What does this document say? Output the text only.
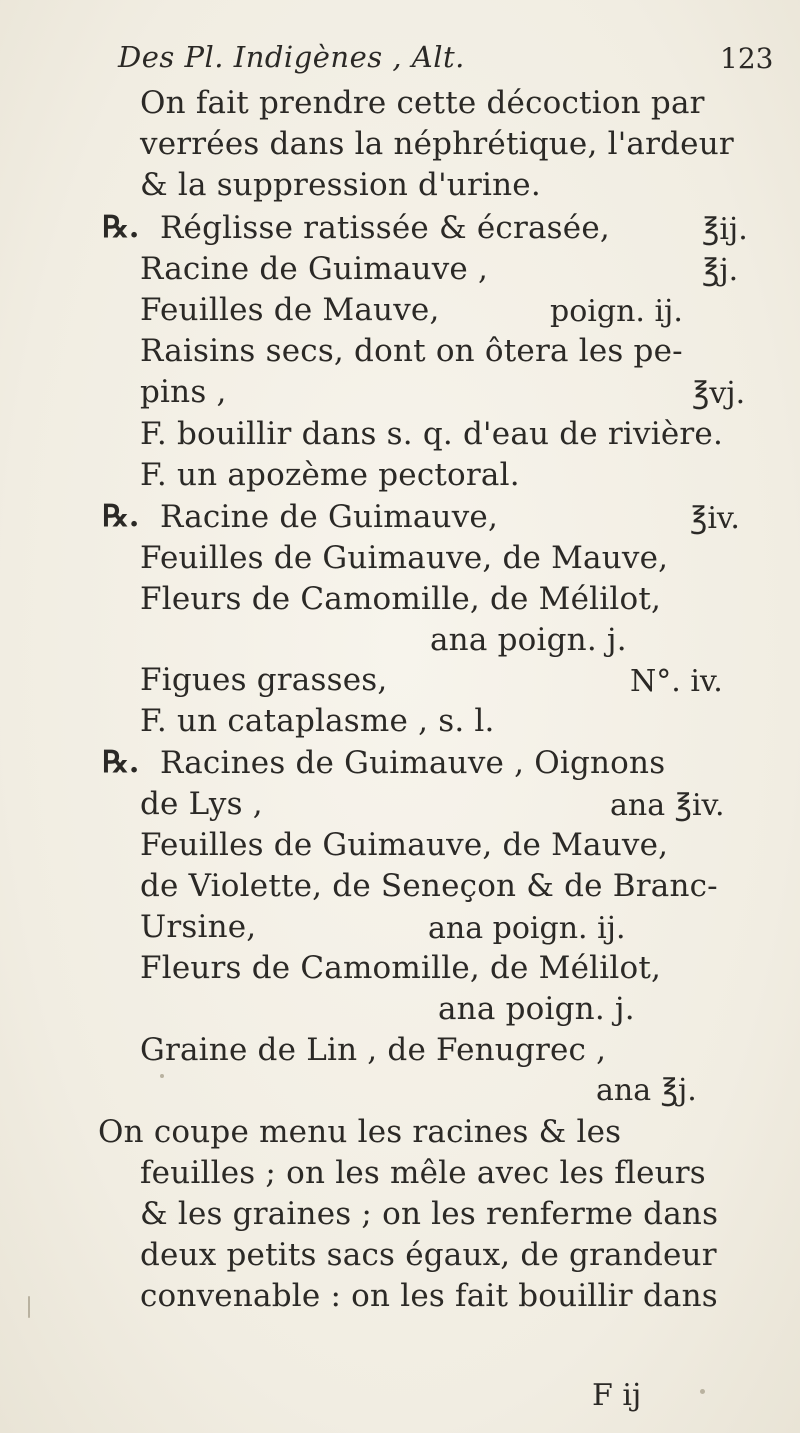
Des Pl. Indigènes , Alt.	123
On fait prendre cette décoction par
verrées dans la néphrétique, l'ardeur
& la suppression d'urine.
℞. Réglisse ratissée & écrasée,	℥ij.
Racine de Guimauve ,	℥j.
Feuilles de Mauve,	poign. ij.
Raisins secs, dont on ôtera les pe-
pins ,	℥vj.
F. bouillir dans s. q. d'eau de rivière.
F. un apozème pectoral.
℞. Racine de Guimauve,	℥iv.
Feuilles de Guimauve, de Mauve,
Fleurs de Camomille, de Mélilot,
ana poign. j.
Figues grasses,	N°. iv.
F. un cataplasme , s. l.
℞. Racines de Guimauve , Oignons
de Lys ,	ana ℥iv.
Feuilles de Guimauve, de Mauve,
de Violette, de Seneçon & de Branc-
Ursine,	ana poign. ij.
Fleurs de Camomille, de Mélilot,
ana poign. j.
Graine de Lin , de Fenugrec ,
ana ℥j.
On coupe menu les racines & les
feuilles ; on les mêle avec les fleurs
& les graines ; on les renferme dans
deux petits sacs égaux, de grandeur
convenable : on les fait bouillir dans
F ij
